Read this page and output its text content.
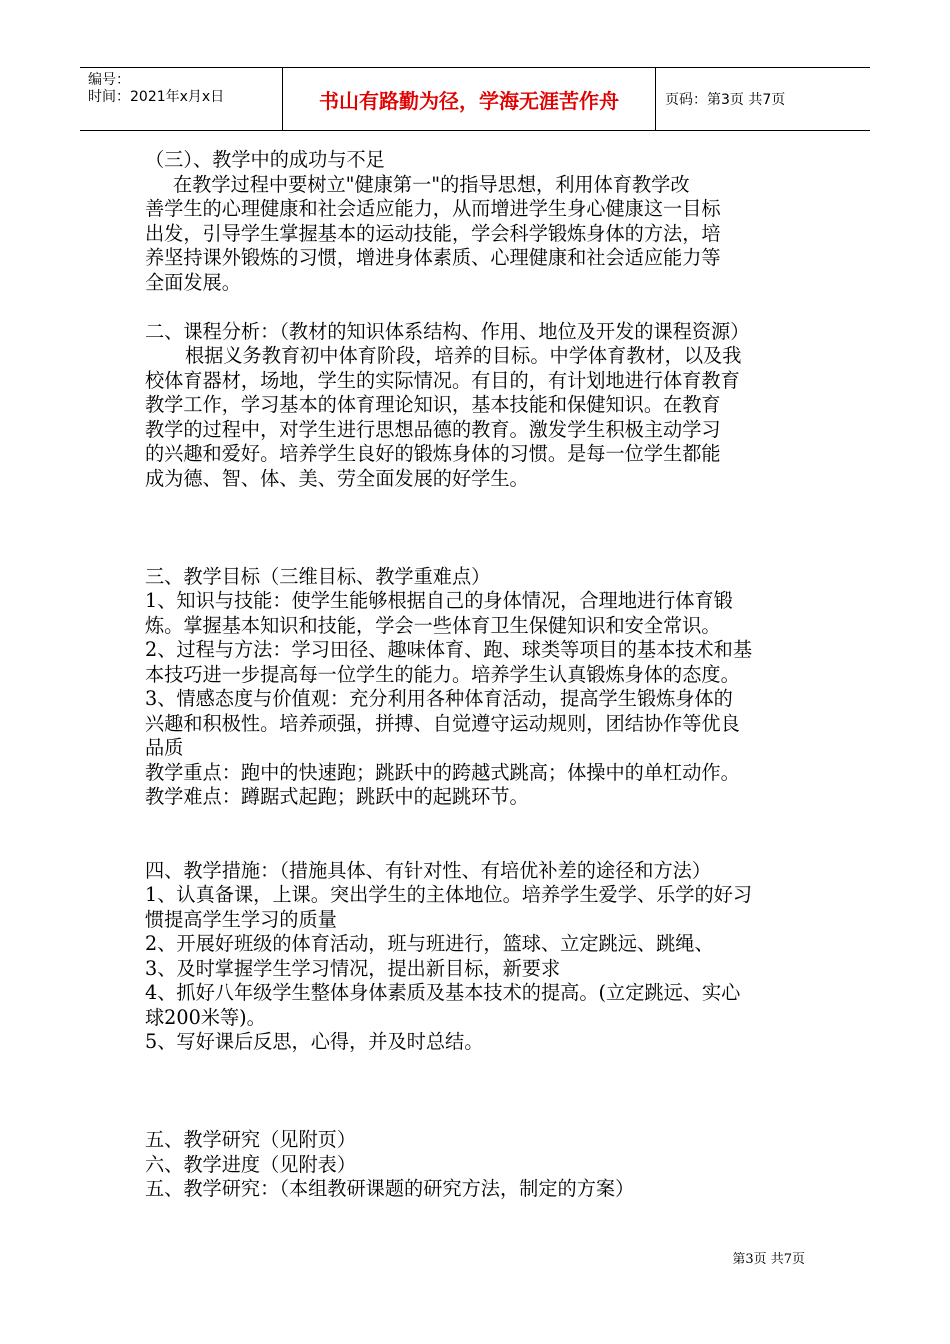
编号：
时间：2021年x月x日	书山有路勤为径，学海无涯苦作舟	页码：第3页 共7页
（三）、教学中的成功与不足
在教学过程中要树立"健康第一"的指导思想，利用体育教学改
善学生的心理健康和社会适应能力，从而增进学生身心健康这一目标
出发，引导学生掌握基本的运动技能，学会科学锻炼身体的方法，培
养坚持课外锻炼的习惯，增进身体素质、心理健康和社会适应能力等
全面发展。
二、课程分析：（教材的知识体系结构、作用、地位及开发的课程资源）
根据义务教育初中体育阶段，培养的目标。中学体育教材，以及我
校体育器材，场地，学生的实际情况。有目的，有计划地进行体育教育
教学工作，学习基本的体育理论知识，基本技能和保健知识。在教育
教学的过程中，对学生进行思想品德的教育。激发学生积极主动学习
的兴趣和爱好。培养学生良好的锻炼身体的习惯。是每一位学生都能
成为德、智、体、美、劳全面发展的好学生。
三、教学目标（三维目标、教学重难点）
1、知识与技能：使学生能够根据自己的身体情况，合理地进行体育锻
炼。掌握基本知识和技能，学会一些体育卫生保健知识和安全常识。
2、过程与方法：学习田径、趣味体育、跑、球类等项目的基本技术和基
本技巧进一步提高每一位学生的能力。培养学生认真锻炼身体的态度。
3、情感态度与价值观：充分利用各种体育活动，提高学生锻炼身体的
兴趣和积极性。培养顽强，拼搏、自觉遵守运动规则，团结协作等优良
品质
教学重点：跑中的快速跑；跳跃中的跨越式跳高；体操中的单杠动作。
教学难点：蹲踞式起跑；跳跃中的起跳环节。
四、教学措施：（措施具体、有针对性、有培优补差的途径和方法）
1、认真备课，上课。突出学生的主体地位。培养学生爱学、乐学的好习
惯提高学生学习的质量
2、开展好班级的体育活动，班与班进行，篮球、立定跳远、跳绳、
3、及时掌握学生学习情况，提出新目标，新要求
4、抓好八年级学生整体身体素质及基本技术的提高。(立定跳远、实心
球200米等)。
5、写好课后反思，心得，并及时总结。
五、教学研究（见附页）
六、教学进度（见附表）
五、教学研究：（本组教研课题的研究方法，制定的方案）
第3页 共7页
